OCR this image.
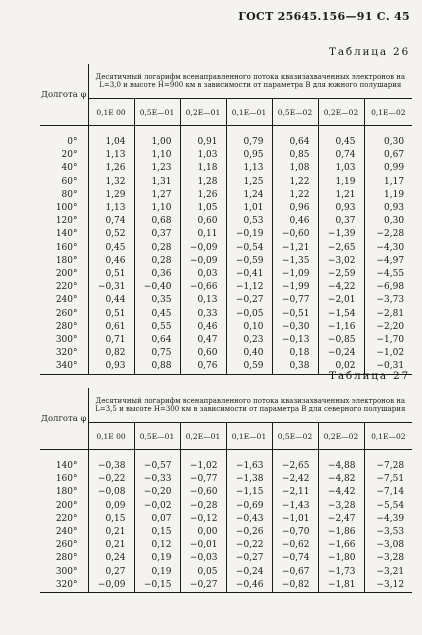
ГОСТ 25645.156—91 С. 45
Таблица 26
Долгота φ	Десятичный логарифм всенаправленного потока квазизахваченных электронов на L=3,0 и высоте H=900 км в зависимости от параметра B для южного полушария						
	0,1E 00	0,5E—01	0,2E—01	0,1E—01	0,5E—02	0,2E—02	0,1E—02

0°	1,04	1,00	0,91	0,79	0,64	0,45	0,30
20°	1,13	1,10	1,03	0,95	0,85	0,74	0,67
40°	1,26	1,23	1,18	1,13	1,08	1,03	0,99
60°	1,32	1,31	1,28	1,25	1,22	1,19	1,17
80°	1,29	1,27	1,26	1,24	1,22	1,21	1,19
100°	1,13	1,10	1,05	1,01	0,96	0,93	0,93
120°	0,74	0,68	0,60	0,53	0,46	0,37	0,30
140°	0,52	0,37	0,11	−0,19	−0,60	−1,39	−2,28
160°	0,45	0,28	−0,09	−0,54	−1,21	−2,65	−4,30
180°	0,46	0,28	−0,09	−0,59	−1,35	−3,02	−4,97
200°	0,51	0,36	0,03	−0,41	−1,09	−2,59	−4,55
220°	−0,31	−0,40	−0,66	−1,12	−1,99	−4,22	−6,98
240°	0,44	0,35	0,13	−0,27	−0,77	−2,01	−3,73
260°	0,51	0,45	0,33	−0,05	−0,51	−1,54	−2,81
280°	0,61	0,55	0,46	0,10	−0,30	−1,16	−2,20
300°	0,71	0,64	0,47	0,23	−0,13	−0,85	−1,70
320°	0,82	0,75	0,60	0,40	0,18	−0,24	−1,02
340°	0,93	0,88	0,76	0,59	0,38	0,02	−0,31
Таблица 27
Долгота φ	Десятичный логарифм всенаправленного потока квазизахваченных электронов на L=3,5 и высоте H=300 км в зависимости от параметра B для северного полушария						
	0,1E 00	0,5E—01	0,2E—01	0,1E—01	0,5E—02	0,2E—02	0,1E—02

140°	−0,38	−0,57	−1,02	−1,63	−2,65	−4,88	−7,28
160°	−0,22	−0,33	−0,77	−1,38	−2,42	−4,82	−7,51
180°	−0,08	−0,20	−0,60	−1,15	−2,11	−4,42	−7,14
200°	0,09	−0,02	−0,28	−0,69	−1,43	−3,28	−5,54
220°	0,15	0,07	−0,12	−0,43	−1,01	−2,47	−4,39
240°	0,21	0,15	0,00	−0,26	−0,70	−1,86	−3,53
260°	0,21	0,12	−0,01	−0,22	−0,62	−1,66	−3,08
280°	0,24	0,19	−0,03	−0,27	−0,74	−1,80	−3,28
300°	0,27	0,19	0,05	−0,24	−0,67	−1,73	−3,21
320°	−0,09	−0,15	−0,27	−0,46	−0,82	−1,81	−3,12
